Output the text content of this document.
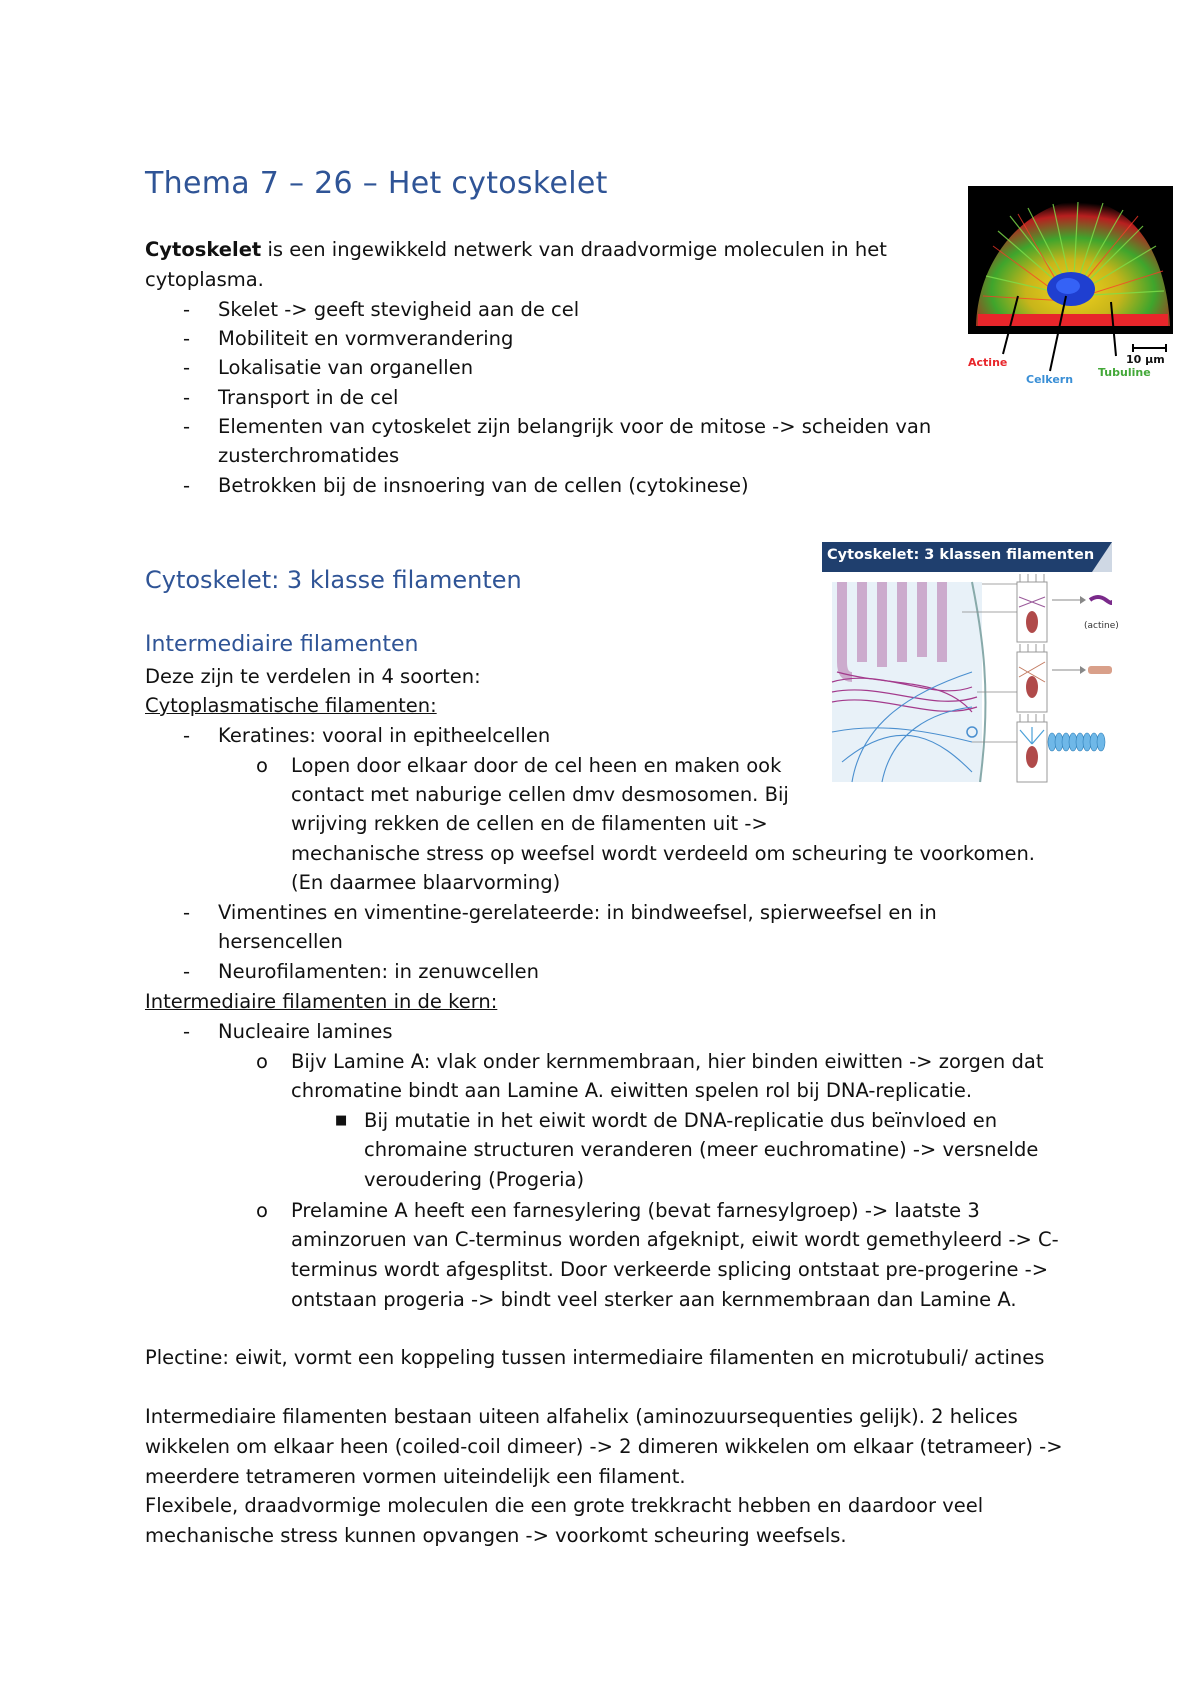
Thema 7 – 26 – Het cytoskelet
Cytoskelet is een ingewikkeld netwerk van draadvormige moleculen in het
cytoplasma.
- Skelet -> geeft stevigheid aan de cel
- Mobiliteit en vormverandering
- Lokalisatie van organellen
- Transport in de cel
- Elementen van cytoskelet zijn belangrijk voor de mitose -> scheiden van
zusterchromatides
- Betrokken bij de insnoering van de cellen (cytokinese)
Actine
Celkern
Tubuline
10 µm
Cytoskelet: 3 klasse filamenten
Cytoskelet: 3 klassen filamenten
(actine)
Intermediaire filamenten
Deze zijn te verdelen in 4 soorten:
Cytoplasmatische filamenten:
- Keratines: vooral in epitheelcellen
o Lopen door elkaar door de cel heen en maken ook
contact met naburige cellen dmv desmosomen. Bij
wrijving rekken de cellen en de filamenten uit ->
mechanische stress op weefsel wordt verdeeld om scheuring te voorkomen.
(En daarmee blaarvorming)
- Vimentines en vimentine-gerelateerde: in bindweefsel, spierweefsel en in
hersencellen
- Neurofilamenten: in zenuwcellen
Intermediaire filamenten in de kern:
- Nucleaire lamines
o Bijv Lamine A: vlak onder kernmembraan, hier binden eiwitten -> zorgen dat
chromatine bindt aan Lamine A. eiwitten spelen rol bij DNA-replicatie.
■ Bij mutatie in het eiwit wordt de DNA-replicatie dus beïnvloed en
chromaine structuren veranderen (meer euchromatine) -> versnelde
veroudering (Progeria)
o Prelamine A heeft een farnesylering (bevat farnesylgroep) -> laatste 3
aminzoruen van C-terminus worden afgeknipt, eiwit wordt gemethyleerd -> C-
terminus wordt afgesplitst. Door verkeerde splicing ontstaat pre-progerine ->
ontstaan progeria -> bindt veel sterker aan kernmembraan dan Lamine A.
Plectine: eiwit, vormt een koppeling tussen intermediaire filamenten en microtubuli/ actines
Intermediaire filamenten bestaan uiteen alfahelix (aminozuursequenties gelijk). 2 helices
wikkelen om elkaar heen (coiled-coil dimeer) -> 2 dimeren wikkelen om elkaar (tetrameer) ->
meerdere tetrameren vormen uiteindelijk een filament.
Flexibele, draadvormige moleculen die een grote trekkracht hebben en daardoor veel
mechanische stress kunnen opvangen -> voorkomt scheuring weefsels.
